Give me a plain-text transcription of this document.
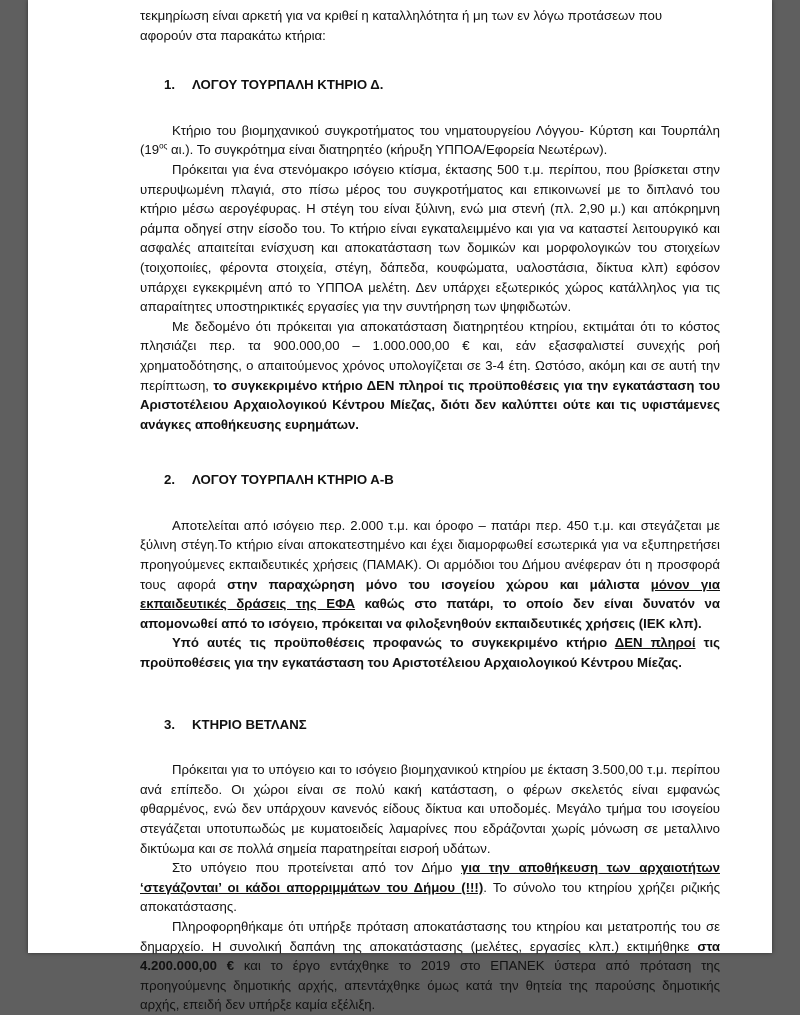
τεκμηρίωση είναι αρκετή για να κριθεί η καταλληλότητα ή μη των εν λόγω προτάσεων που
αφορούν στα παρακάτω κτήρια:

1. ΛΟΓΟΥ ΤΟΥΡΠΑΛΗ ΚΤΗΡΙΟ Δ.

Κτήριο του βιομηχανικού συγκροτήματος του νηματουργείου Λόγγου- Κύρτση και Τουρπάλη ($19^{o\varsigma}$ αι.). Το συγκρότημα είναι διατηρητέο (κήρυξη ΥΠΠΟΑ/Εφορεία Νεωτέρων).

Πρόκειται για ένα στενόμακρο ισόγειο κτίσμα, έκτασης 500 τ.μ. περίπου, που βρίσκεται στην υπερυψωμένη πλαγιά, στο πίσω μέρος του συγκροτήματος και επικοινωνεί με το διπλανό του κτήριο μέσω αερογέφυρας. Η στέγη του είναι ξύλινη, ενώ μια στενή (πλ. 2,90 μ.) και απόκρημνη ράμπα οδηγεί στην είσοδο του. Το κτήριο είναι εγκαταλειμμένο και για να καταστεί λειτουργικό και ασφαλές απαιτείται ενίσχυση και αποκατάσταση των δομικών και μορφολογικών του στοιχείων (τοιχοποιίες, φέροντα στοιχεία, στέγη, δάπεδα, κουφώματα, υαλοστάσια, δίκτυα κλπ) εφόσον υπάρχει εγκεκριμένη από το ΥΠΠΟΑ μελέτη. Δεν υπάρχει εξωτερικός χώρος κατάλληλος για τις απαραίτητες υποστηρικτικές εργασίες για την συντήρηση των ψηφιδωτών.

Με δεδομένο ότι πρόκειται για αποκατάσταση διατηρητέου κτηρίου, εκτιμάται ότι το κόστος πλησιάζει περ. τα 900.000,00 – 1.000.000,00 € και, εάν εξασφαλιστεί συνεχής ροή χρηματοδότησης, ο απαιτούμενος χρόνος υπολογίζεται σε 3-4 έτη. Ωστόσο, ακόμη και σε αυτή την περίπτωση, το συγκεκριμένο κτήριο ΔΕΝ πληροί τις προϋποθέσεις για την εγκατάσταση του Αριστοτέλειου Αρχαιολογικού Κέντρου Μίεζας, διότι δεν καλύπτει ούτε και τις υφιστάμενες ανάγκες αποθήκευσης ευρημάτων.

2. ΛΟΓΟΥ ΤΟΥΡΠΑΛΗ ΚΤΗΡΙΟ Α-Β

Αποτελείται από ισόγειο περ. 2.000 τ.μ. και όροφο – πατάρι περ. 450 τ.μ. και στεγάζεται με ξύλινη στέγη.Το κτήριο είναι αποκατεστημένο και έχει διαμορφωθεί εσωτερικά για να εξυπηρετήσει προηγούμενες εκπαιδευτικές χρήσεις (ΠΑΜΑΚ). Οι αρμόδιοι του Δήμου ανέφεραν ότι η προσφορά τους αφορά στην παραχώρηση μόνο του ισογείου χώρου και μάλιστα μόνον για εκπαιδευτικές δράσεις της ΕΦΑ καθώς στο πατάρι, το οποίο δεν είναι δυνατόν να απομονωθεί από το ισόγειο, πρόκειται να φιλοξενηθούν εκπαιδευτικές χρήσεις (ΙΕΚ κλπ).

Υπό αυτές τις προϋποθέσεις προφανώς το συγκεκριμένο κτήριο ΔΕΝ πληροί τις προϋποθέσεις για την εγκατάσταση του Αριστοτέλειου Αρχαιολογικού Κέντρου Μίεζας.

3. ΚΤΗΡΙΟ ΒΕΤΛΑΝΣ

Πρόκειται για το υπόγειο και το ισόγειο βιομηχανικού κτηρίου με έκταση 3.500,00 τ.μ. περίπου ανά επίπεδο. Οι χώροι είναι σε πολύ κακή κατάσταση, ο φέρων σκελετός είναι εμφανώς φθαρμένος, ενώ δεν υπάρχουν κανενός είδους δίκτυα και υποδομές. Μεγάλο τμήμα του ισογείου στεγάζεται υποτυπωδώς με κυματοειδείς λαμαρίνες που εδράζονται χωρίς μόνωση σε μεταλλινο δικτύωμα και σε πολλά σημεία παρατηρείται εισροή υδάτων.

Στο υπόγειο που προτείνεται από τον Δήμο για την αποθήκευση των αρχαιοτήτων ‘στεγάζονται’ οι κάδοι απορριμμάτων του Δήμου (!!!). Το σύνολο του κτηρίου χρήζει ριζικής αποκατάστασης.

Πληροφορηθήκαμε ότι υπήρξε πρόταση αποκατάστασης του κτηρίου και μετατροπής του σε δημαρχείο. Η συνολική δαπάνη της αποκατάστασης (μελέτες, εργασίες κλπ.) εκτιμήθηκε στα 4.200.000,00 € και το έργο εντάχθηκε το 2019 στο ΕΠΑΝΕΚ ύστερα από πρόταση της προηγούμενης δημοτικής αρχής, απεντάχθηκε όμως κατά την θητεία της παρούσης δημοτικής αρχής, επειδή δεν υπήρξε καμία εξέλιξη.
